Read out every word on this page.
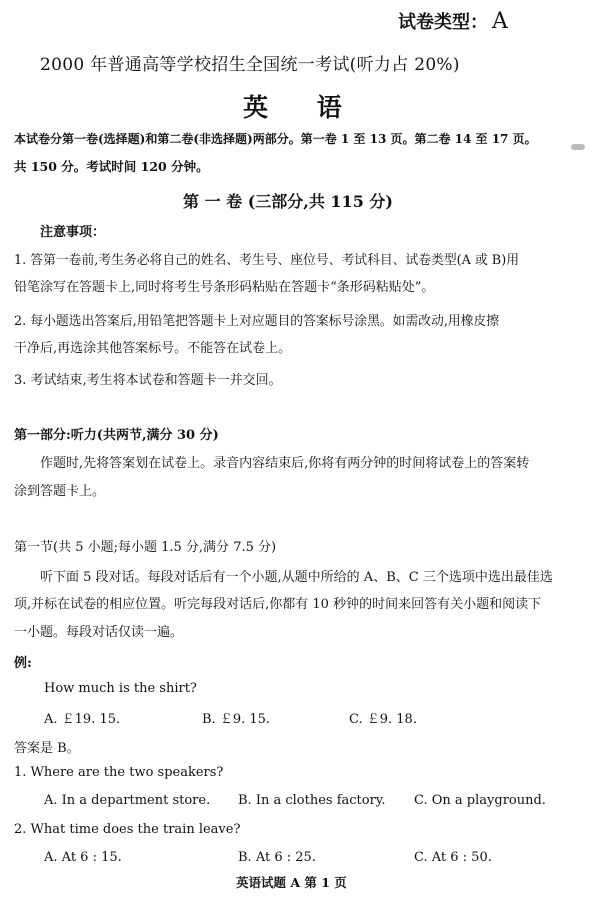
试卷类型： A
2000 年普通高等学校招生全国统一考试(听力占 20%)
英 语
本试卷分第一卷(选择题)和第二卷(非选择题)两部分。第一卷 1 至 13 页。第二卷 14 至 17 页。
共 150 分。考试时间 120 分钟。
第 一 卷 (三部分,共 115 分)
注意事项：
1. 答第一卷前,考生务必将自己的姓名、考生号、座位号、考试科目、试卷类型(A 或 B)用
铅笔涂写在答题卡上,同时将考生号条形码粘贴在答题卡“条形码粘贴处”。
2. 每小题选出答案后,用铅笔把答题卡上对应题目的答案标号涂黑。如需改动,用橡皮擦
干净后,再选涂其他答案标号。不能答在试卷上。
3. 考试结束,考生将本试卷和答题卡一并交回。
第一部分:听力(共两节,满分 30 分)
作题时,先将答案划在试卷上。录音内容结束后,你将有两分钟的时间将试卷上的答案转
涂到答题卡上。
第一节(共 5 小题;每小题 1.5 分,满分 7.5 分)
听下面 5 段对话。每段对话后有一个小题,从题中所给的 A、B、C 三个选项中选出最佳选
项,并标在试卷的相应位置。听完每段对话后,你都有 10 秒钟的时间来回答有关小题和阅读下
一小题。每段对话仅读一遍。
例:
How much is the shirt?
A. ￡19. 15.	B. ￡9. 15.	C. ￡9. 18.
答案是 B。
1. Where are the two speakers?
A. In a department store. B. In a clothes factory. C. On a playground.
2. What time does the train leave?
A. At 6 : 15.	B. At 6 : 25.	C. At 6 : 50.
英语试题 A 第 1 页
